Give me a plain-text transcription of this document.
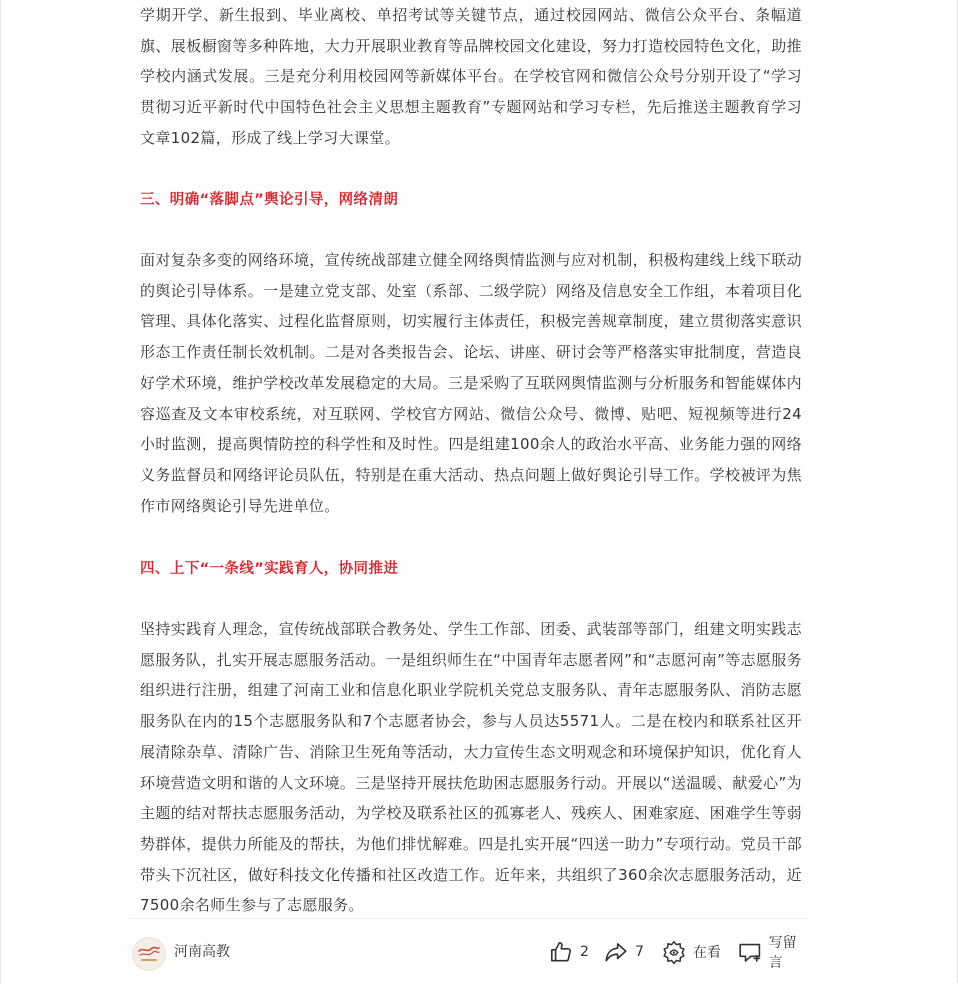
学期开学、新生报到、毕业离校、单招考试等关键节点，通过校园网站、微信公众平台、条幅道旗、展板橱窗等多种阵地，大力开展职业教育等品牌校园文化建设，努力打造校园特色文化，助推学校内涵式发展。三是充分利用校园网等新媒体平台。在学校官网和微信公众号分别开设了“学习贯彻习近平新时代中国特色社会主义思想主题教育”专题网站和学习专栏，先后推送主题教育学习文章102篇，形成了线上学习大课堂。

三、明确“落脚点”舆论引导，网络清朗

面对复杂多变的网络环境，宣传统战部建立健全网络舆情监测与应对机制，积极构建线上线下联动的舆论引导体系。一是建立党支部、处室（系部、二级学院）网络及信息安全工作组，本着项目化管理、具体化落实、过程化监督原则，切实履行主体责任，积极完善规章制度，建立贯彻落实意识形态工作责任制长效机制。二是对各类报告会、论坛、讲座、研讨会等严格落实审批制度，营造良好学术环境，维护学校改革发展稳定的大局。三是采购了互联网舆情监测与分析服务和智能媒体内容巡查及文本审校系统，对互联网、学校官方网站、微信公众号、微博、贴吧、短视频等进行24小时监测，提高舆情防控的科学性和及时性。四是组建100余人的政治水平高、业务能力强的网络义务监督员和网络评论员队伍，特别是在重大活动、热点问题上做好舆论引导工作。学校被评为焦作市网络舆论引导先进单位。

四、上下“一条线”实践育人，协同推进

坚持实践育人理念，宣传统战部联合教务处、学生工作部、团委、武装部等部门，组建文明实践志愿服务队，扎实开展志愿服务活动。一是组织师生在“中国青年志愿者网”和“志愿河南”等志愿服务组织进行注册，组建了河南工业和信息化职业学院机关党总支服务队、青年志愿服务队、消防志愿服务队在内的15个志愿服务队和7个志愿者协会，参与人员达5571人。二是在校内和联系社区开展清除杂草、清除广告、消除卫生死角等活动，大力宣传生态文明观念和环境保护知识，优化育人环境营造文明和谐的人文环境。三是坚持开展扶危助困志愿服务行动。开展以“送温暖、献爱心”为主题的结对帮扶志愿服务活动，为学校及联系社区的孤寡老人、残疾人、困难家庭、困难学生等弱势群体，提供力所能及的帮扶，为他们排忧解难。四是扎实开展“四送一助力”专项行动。党员干部带头下沉社区，做好科技文化传播和社区改造工作。近年来，共组织了360余次志愿服务活动，近7500余名师生参与了志愿服务。

河南高教	2	7	在看
写留言
